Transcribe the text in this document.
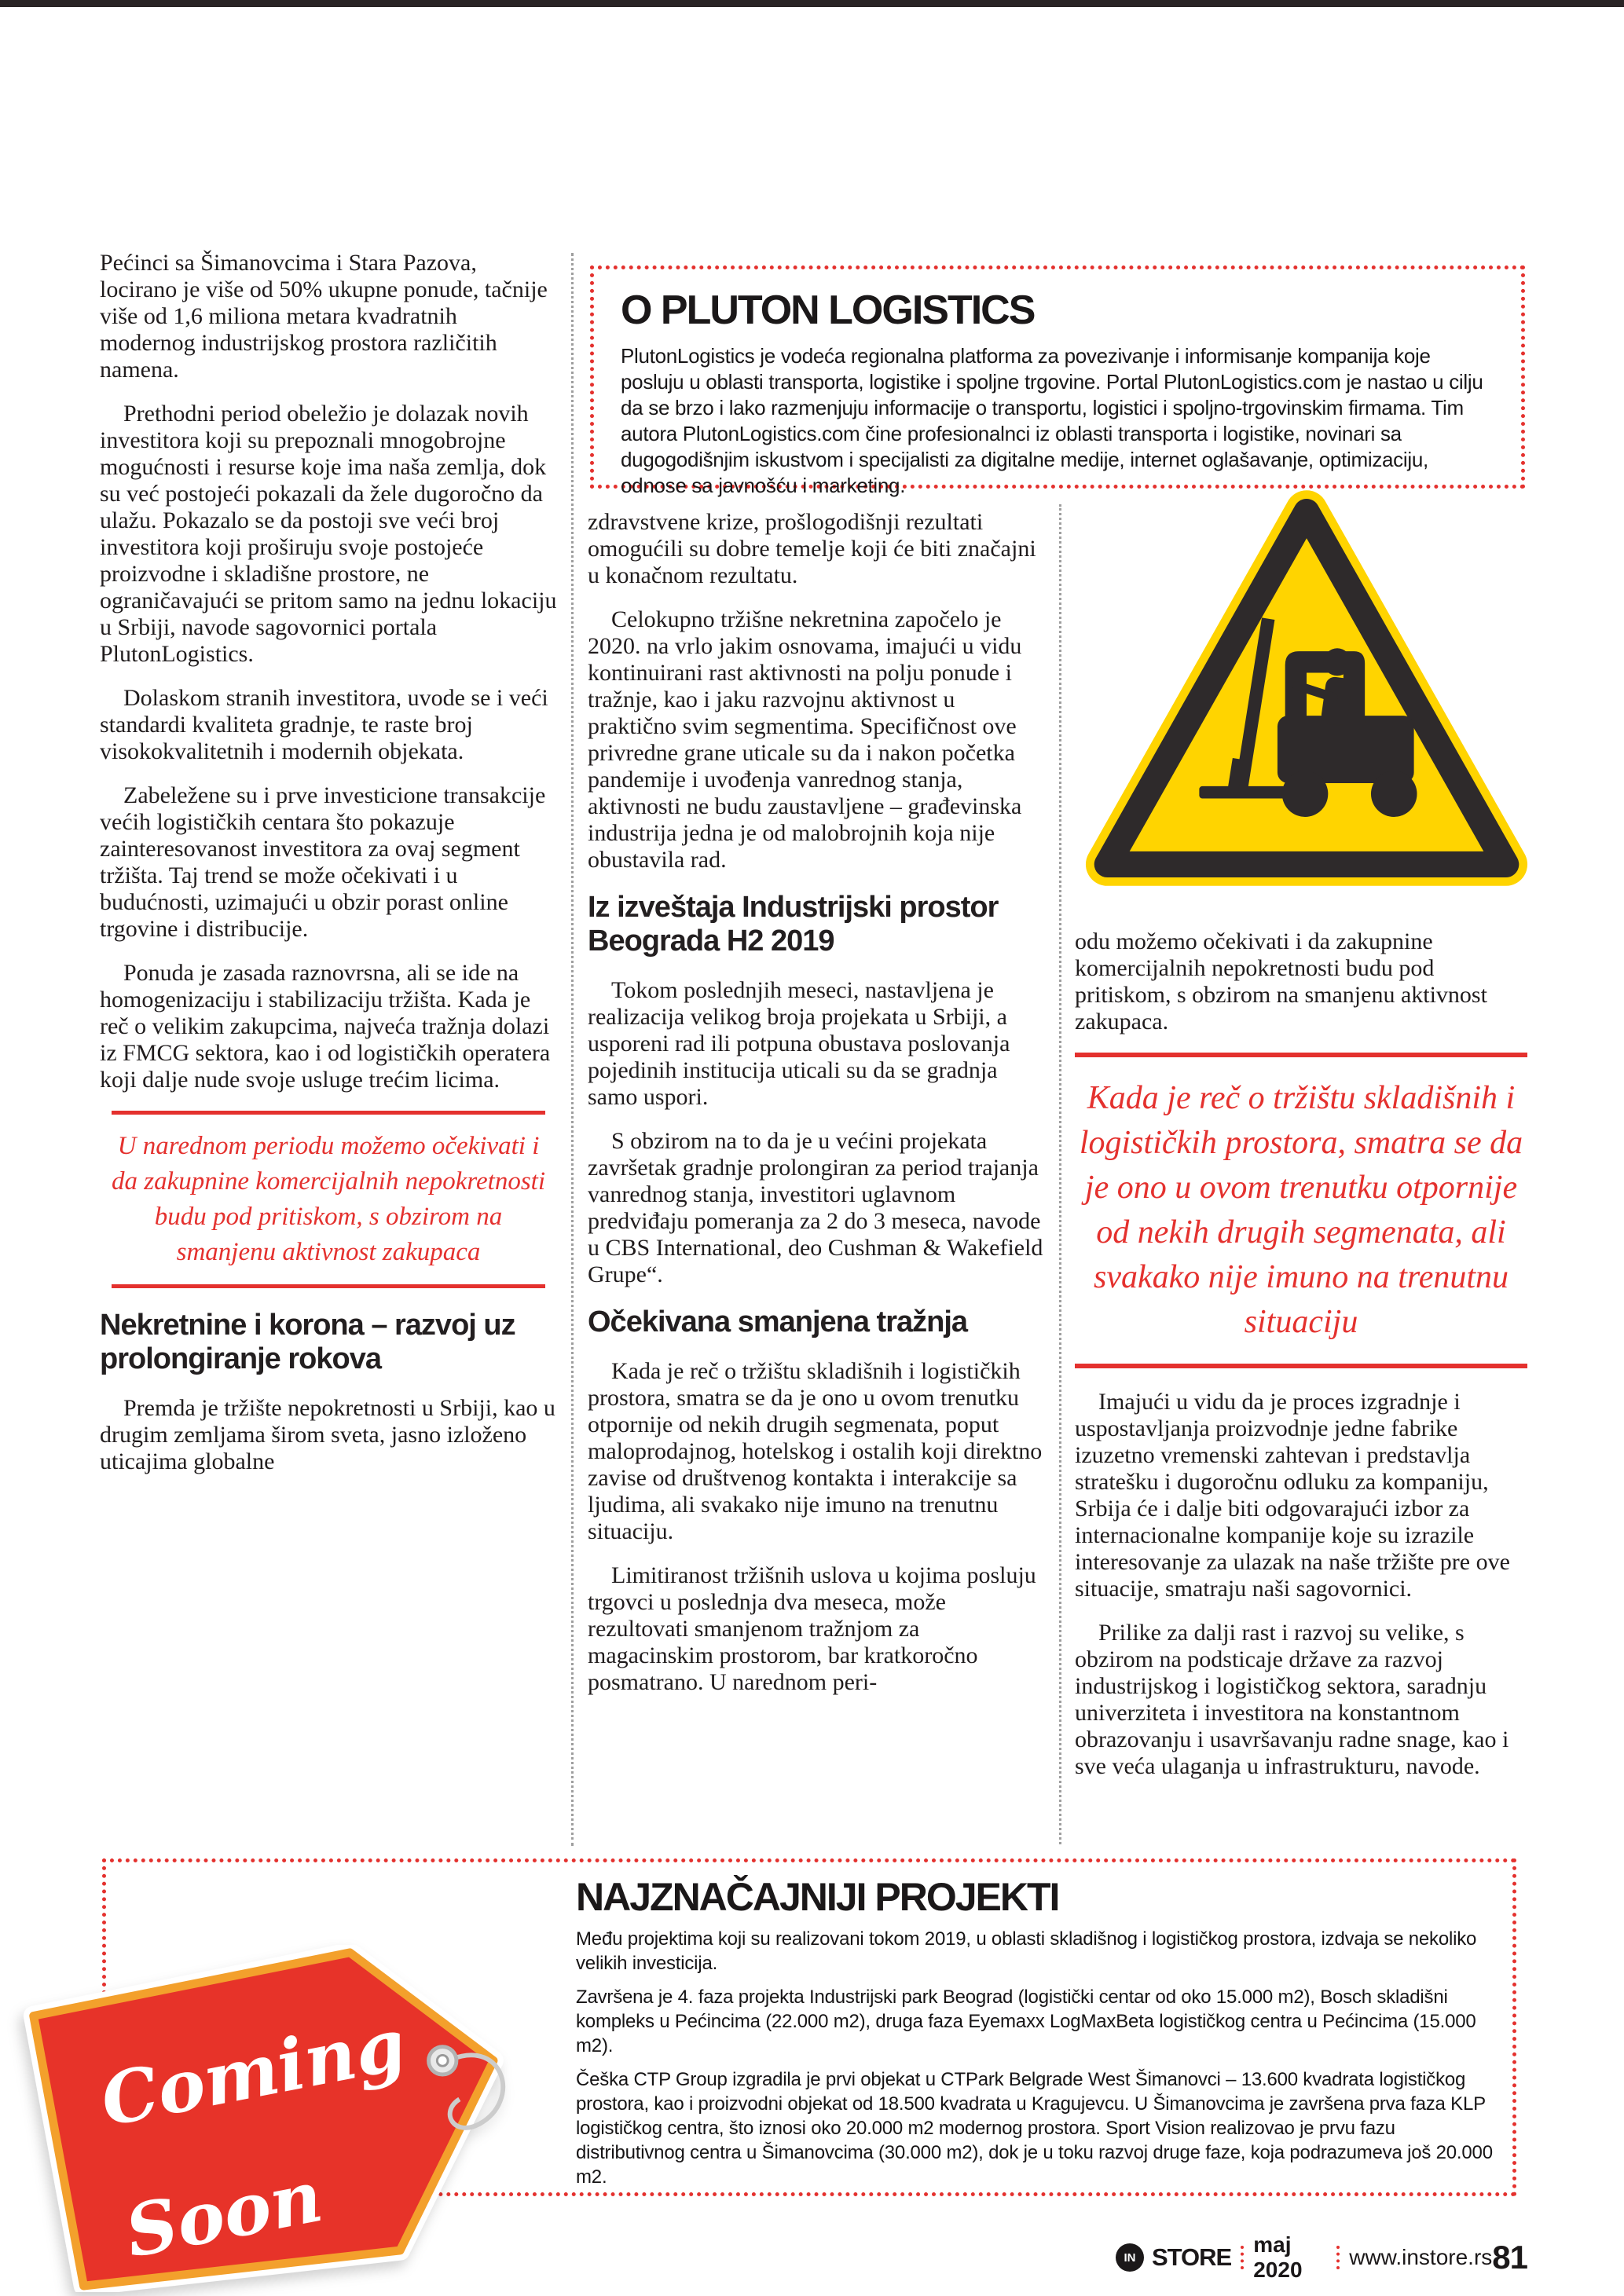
Pećinci sa Šimanovcima i Stara Pazova, locirano je više od 50% ukupne ponude, tačnije više od 1,6 miliona metara kvadratnih modernog industrijskog prostora različitih namena.

Prethodni period obeležio je dolazak novih investitora koji su prepoznali mnogobrojne mogućnosti i resurse koje ima naša zemlja, dok su već postojeći pokazali da žele dugoročno da ulažu. Pokazalo se da postoji sve veći broj investitora koji proširuju svoje postojeće proizvodne i skladišne prostore, ne ograničavajući se pritom samo na jednu lokaciju u Srbiji, navode sagovornici portala PlutonLogistics.

Dolaskom stranih investitora, uvode se i veći standardi kvaliteta gradnje, te raste broj visokokvalitetnih i modernih objekata.

Zabeležene su i prve investicione transakcije većih logističkih centara što pokazuje zainteresovanost investitora za ovaj segment tržišta. Taj trend se može očekivati i u budućnosti, uzimajući u obzir porast online trgovine i distribucije.

Ponuda je zasada raznovrsna, ali se ide na homogenizaciju i stabilizaciju tržišta. Kada je reč o velikim zakupcima, najveća tražnja dolazi iz FMCG sektora, kao i od logističkih operatera koji dalje nude svoje usluge trećim licima.

U narednom periodu možemo očekivati i da zakupnine komercijalnih nepokretnosti budu pod pritiskom, s obzirom na smanjenu aktivnost zakupaca
Nekretnine i korona – razvoj uz prolongiranje rokova

Premda je tržište nepokretnosti u Srbiji, kao u drugim zemljama širom sveta, jasno izloženo uticajima globalne

O PLUTON LOGISTICS
PlutonLogistics je vodeća regionalna platforma za povezivanje i informisanje kompanija koje posluju u oblasti transporta, logistike i spoljne trgovine. Portal PlutonLogistics.com je nastao u cilju da se brzo i lako razmenjuju informacije o transportu, logistici i spoljno-trgovinskim firmama. Tim autora PlutonLogistics.com čine profesionalnci iz oblasti transporta i logistike, novinari sa dugogodišnjim iskustvom i specijalisti za digitalne medije, internet oglašavanje, optimizaciju, odnose sa javnošću i marketing.

zdravstvene krize, prošlogodišnji rezultati omogućili su dobre temelje koji će biti značajni u konačnom rezultatu.

Celokupno tržišne nekretnina započelo je 2020. na vrlo jakim osnovama, imajući u vidu kontinuirani rast aktivnosti na polju ponude i tražnje, kao i jaku razvojnu aktivnost u praktično svim segmentima. Specifičnost ove privredne grane uticale su da i nakon početka pandemije i uvođenja vanrednog stanja, aktivnosti ne budu zaustavljene – građevinska industrija jedna je od malobrojnih koja nije obustavila rad.

Iz izveštaja Industrijski prostor Beograda H2 2019

Tokom poslednjih meseci, nastavljena je realizacija velikog broja projekata u Srbiji, a usporeni rad ili potpuna obustava poslovanja pojedinih institucija uticali su da se gradnja samo uspori.

S obzirom na to da je u većini projekata završetak gradnje prolongiran za period trajanja vanrednog stanja, investitori uglavnom predviđaju pomeranja za 2 do 3 meseca, navode u CBS International, deo Cushman & Wakefield Grupe“.

Očekivana smanjena tražnja

Kada je reč o tržištu skladišnih i logističkih prostora, smatra se da je ono u ovom trenutku otpornije od nekih drugih segmenata, poput maloprodajnog, hotelskog i ostalih koji direktno zavise od društvenog kontakta i interakcije sa ljudima, ali svakako nije imuno na trenutnu situaciju.

Limitiranost tržišnih uslova u kojima posluju trgovci u poslednja dva meseca, može rezultovati smanjenom tražnjom za magacinskim prostorom, bar kratkoročno posmatrano. U narednom peri-

odu možemo očekivati i da zakupnine komercijalnih nepokretnosti budu pod pritiskom, s obzirom na smanjenu aktivnost zakupaca.

Kada je reč o tržištu skladišnih i logističkih prostora, smatra se da je ono u ovom trenutku otpornije od nekih drugih segmenata, ali svakako nije imuno na trenutnu situaciju

Imajući u vidu da je proces izgradnje i uspostavljanja proizvodnje jedne fabrike izuzetno vremenski zahtevan i predstavlja stratešku i dugoročnu odluku za kompaniju, Srbija će i dalje biti odgovarajući izbor za internacionalne kompanije koje su izrazile interesovanje za ulazak na naše tržište pre ove situacije, smatraju naši sagovornici.

Prilike za dalji rast i razvoj su velike, s obzirom na podsticaje države za razvoj industrijskog i logističkog sektora, saradnju univerziteta i investitora na konstantnom obrazovanju i usavršavanju radne snage, kao i sve veća ulaganja u infrastrukturu, navode.

NAJZNAČAJNIJI PROJEKTI

Među projektima koji su realizovani tokom 2019, u oblasti skladišnog i logističkog prostora, izdvaja se nekoliko velikih investicija.

Završena je 4. faza projekta Industrijski park Beograd (logistički centar od oko 15.000 m2), Bosch skladišni kompleks u Pećincima (22.000 m2), druga faza Eyemaxx LogMaxBeta logističkog centra u Pećincima (15.000 m2).

Češka CTP Group izgradila je prvi objekat u CTPark Belgrade West Šimanovci – 13.600 kvadrata logističkog prostora, kao i proizvodni objekat od 18.500 kvadrata u Kragujevcu. U Šimanovcima je završena prva faza KLP logističkog centra, što iznosi oko 20.000 m2 modernog prostora. Sport Vision realizovao je prvu fazu distributivnog centra u Šimanovcima (30.000 m2), dok je u toku razvoj druge faze, koja podrazumeva još 20.000 m2.

Coming
Soon	IN STORE maj 2020
www.instore.rs 81
